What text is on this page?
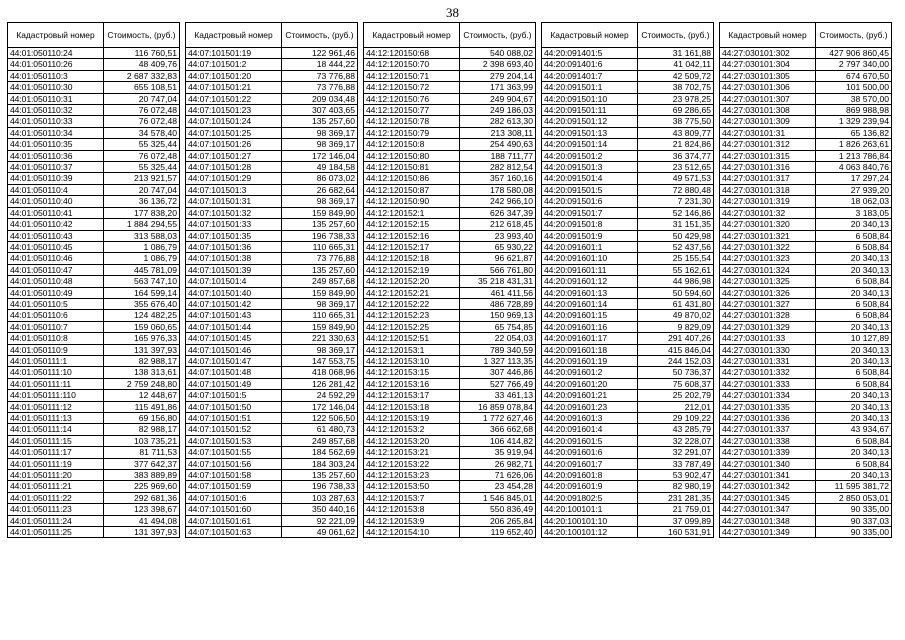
38
Кадастровый номер	Стоимость, (руб.)
44:01:050110:24	116 760,51
44:01:050110:26	48 409,76
44:01:050110:3	2 687 332,83
44:01:050110:30	655 108,51
44:01:050110:31	20 747,04
44:01:050110:32	76 072,48
44:01:050110:33	76 072,48
44:01:050110:34	34 578,40
44:01:050110:35	55 325,44
44:01:050110:36	76 072,48
44:01:050110:37	55 325,44
44:01:050110:39	213 921,57
44:01:050110:4	20 747,04
44:01:050110:40	36 136,72
44:01:050110:41	177 838,20
44:01:050110:42	1 884 294,55
44:01:050110:43	313 588,03
44:01:050110:45	1 086,79
44:01:050110:46	1 086,79
44:01:050110:47	445 781,09
44:01:050110:48	563 747,10
44:01:050110:49	164 599,14
44:01:050110:5	355 676,40
44:01:050110:6	124 482,25
44:01:050110:7	159 060,65
44:01:050110:8	165 976,33
44:01:050110:9	131 397,93
44:01:050111:1	82 988,17
44:01:050111:10	138 313,61
44:01:050111:11	2 759 248,80
44:01:050111:110	12 448,67
44:01:050111:12	115 491,86
44:01:050111:13	69 156,80
44:01:050111:14	82 988,17
44:01:050111:15	103 735,21
44:01:050111:17	81 711,53
44:01:050111:19	377 642,37
44:01:050111:20	383 889,89
44:01:050111:21	225 969,60
44:01:050111:22	292 681,36
44:01:050111:23	123 398,67
44:01:050111:24	41 494,08
44:01:050111:25	131 397,93
Кадастровый номер	Стоимость, (руб.)
44:07:101501:19	122 961,46
44:07:101501:2	18 444,22
44:07:101501:20	73 776,88
44:07:101501:21	73 776,88
44:07:101501:22	209 034,48
44:07:101501:23	307 403,65
44:07:101501:24	135 257,60
44:07:101501:25	98 369,17
44:07:101501:26	98 369,17
44:07:101501:27	172 146,04
44:07:101501:28	49 184,58
44:07:101501:29	86 073,02
44:07:101501:3	26 682,64
44:07:101501:31	98 369,17
44:07:101501:32	159 849,90
44:07:101501:33	135 257,60
44:07:101501:35	196 738,33
44:07:101501:36	110 665,31
44:07:101501:38	73 776,88
44:07:101501:39	135 257,60
44:07:101501:4	249 857,68
44:07:101501:40	159 849,90
44:07:101501:42	98 369,17
44:07:101501:43	110 665,31
44:07:101501:44	159 849,90
44:07:101501:45	221 330,63
44:07:101501:46	98 369,17
44:07:101501:47	147 553,75
44:07:101501:48	418 068,96
44:07:101501:49	126 281,42
44:07:101501:5	24 592,29
44:07:101501:50	172 146,04
44:07:101501:51	122 506,50
44:07:101501:52	61 480,73
44:07:101501:53	249 857,68
44:07:101501:55	184 562,69
44:07:101501:56	184 303,24
44:07:101501:58	135 257,60
44:07:101501:59	196 738,33
44:07:101501:6	103 287,63
44:07:101501:60	350 440,16
44:07:101501:61	92 221,09
44:07:101501:63	49 061,62
Кадастровый номер	Стоимость, (руб.)
44:12:120150:68	540 088,02
44:12:120150:70	2 398 693,40
44:12:120150:71	279 204,14
44:12:120150:72	171 363,99
44:12:120150:76	249 904,67
44:12:120150:77	249 186,03
44:12:120150:78	282 613,30
44:12:120150:79	213 308,11
44:12:120150:8	254 490,63
44:12:120150:80	188 711,77
44:12:120150:81	282 812,54
44:12:120150:86	357 160,16
44:12:120150:87	178 580,08
44:12:120150:90	242 966,10
44:12:120152:1	626 347,39
44:12:120152:15	212 618,45
44:12:120152:16	23 993,40
44:12:120152:17	65 930,22
44:12:120152:18	96 621,87
44:12:120152:19	566 761,80
44:12:120152:20	35 218 431,31
44:12:120152:21	461 411,56
44:12:120152:22	486 728,89
44:12:120152:23	150 969,13
44:12:120152:25	65 754,85
44:12:120152:51	22 054,03
44:12:120153:1	789 340,59
44:12:120153:10	1 327 113,35
44:12:120153:15	307 446,86
44:12:120153:16	527 766,49
44:12:120153:17	33 461,13
44:12:120153:18	16 859 078,84
44:12:120153:19	1 772 627,46
44:12:120153:2	366 662,68
44:12:120153:20	106 414,82
44:12:120153:21	35 919,94
44:12:120153:22	26 982,71
44:12:120153:23	71 626,06
44:12:120153:50	23 454,28
44:12:120153:7	1 546 845,01
44:12:120153:8	550 836,49
44:12:120153:9	206 265,84
44:12:120154:10	119 652,40
Кадастровый номер	Стоимость, (руб.)
44:20:091401:5	31 161,88
44:20:091401:6	41 042,11
44:20:091401:7	42 509,72
44:20:091501:1	38 702,75
44:20:091501:10	23 978,25
44:20:091501:11	69 286,65
44:20:091501:12	38 775,50
44:20:091501:13	43 809,77
44:20:091501:14	21 824,86
44:20:091501:2	36 374,77
44:20:091501:3	23 512,65
44:20:091501:4	49 571,53
44:20:091501:5	72 880,48
44:20:091501:6	7 231,30
44:20:091501:7	52 146,86
44:20:091501:8	31 151,35
44:20:091501:9	50 429,98
44:20:091601:1	52 437,56
44:20:091601:10	25 155,54
44:20:091601:11	55 162,61
44:20:091601:12	44 986,98
44:20:091601:13	50 594,60
44:20:091601:14	61 431,80
44:20:091601:15	49 870,02
44:20:091601:16	9 829,09
44:20:091601:17	291 407,26
44:20:091601:18	415 846,04
44:20:091601:19	244 152,03
44:20:091601:2	50 736,37
44:20:091601:20	75 608,37
44:20:091601:21	25 202,79
44:20:091601:23	212,01
44:20:091601:3	29 109,22
44:20:091601:4	43 285,79
44:20:091601:5	32 228,07
44:20:091601:6	32 291,07
44:20:091601:7	33 787,49
44:20:091601:8	53 902,47
44:20:091601:9	82 980,19
44:20:091802:5	231 281,35
44:20:100101:1	21 759,01
44:20:100101:10	37 099,89
44:20:100101:12	160 531,91
Кадастровый номер	Стоимость, (руб.)
44:27:030101:302	427 906 860,45
44:27:030101:304	2 797 340,00
44:27:030101:305	674 670,50
44:27:030101:306	101 500,00
44:27:030101:307	38 570,00
44:27:030101:308	869 988,98
44:27:030101:309	1 329 239,94
44:27:030101:31	65 136,82
44:27:030101:312	1 826 263,61
44:27:030101:315	1 213 786,84
44:27:030101:316	4 063 840,76
44:27:030101:317	17 297,24
44:27:030101:318	27 939,20
44:27:030101:319	18 062,03
44:27:030101:32	3 183,05
44:27:030101:320	20 340,13
44:27:030101:321	6 508,84
44:27:030101:322	6 508,84
44:27:030101:323	20 340,13
44:27:030101:324	20 340,13
44:27:030101:325	6 508,84
44:27:030101:326	20 340,13
44:27:030101:327	6 508,84
44:27:030101:328	6 508,84
44:27:030101:329	20 340,13
44:27:030101:33	10 127,89
44:27:030101:330	20 340,13
44:27:030101:331	20 340,13
44:27:030101:332	6 508,84
44:27:030101:333	6 508,84
44:27:030101:334	20 340,13
44:27:030101:335	20 340,13
44:27:030101:336	20 340,13
44:27:030101:337	43 934,67
44:27:030101:338	6 508,84
44:27:030101:339	20 340,13
44:27:030101:340	6 508,84
44:27:030101:341	20 340,13
44:27:030101:342	11 595 381,72
44:27:030101:345	2 850 053,01
44:27:030101:347	90 335,00
44:27:030101:348	90 337,03
44:27:030101:349	90 335,00
